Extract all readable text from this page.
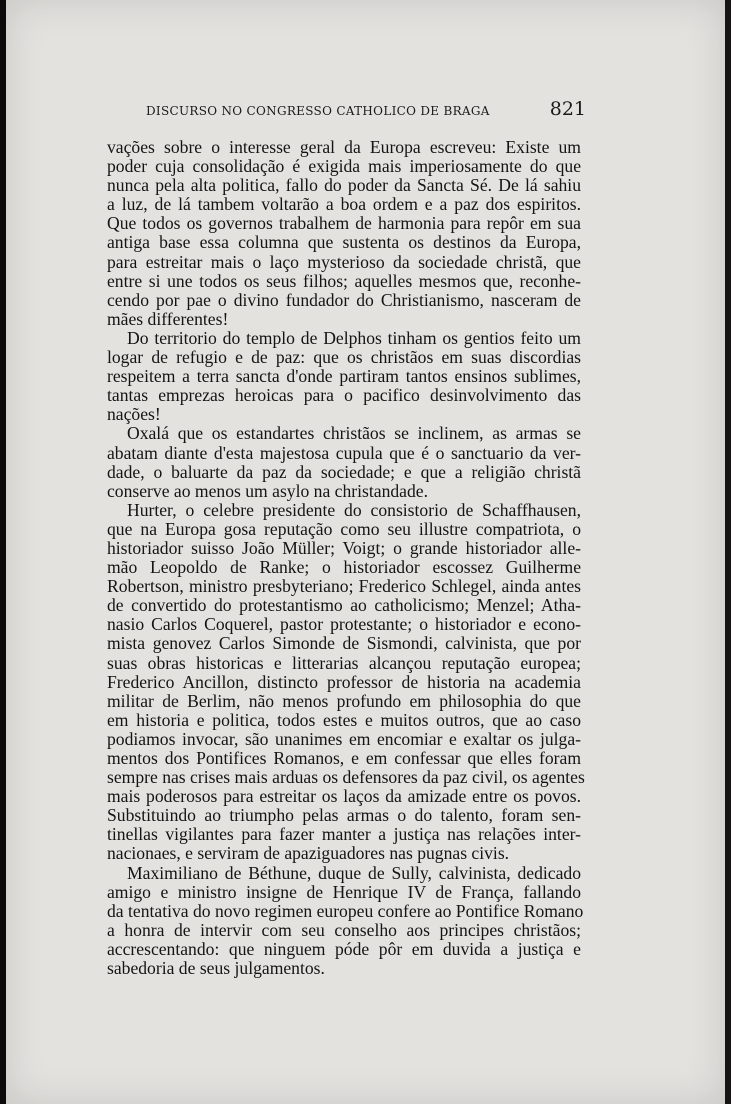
DISCURSO NO CONGRESSO CATHOLICO DE BRAGA	821
vações sobre o interesse geral da Europa escreveu: Existe um
poder cuja consolidação é exigida mais imperiosamente do que
nunca pela alta politica, fallo do poder da Sancta Sé. De lá sahiu
a luz, de lá tambem voltarão a boa ordem e a paz dos espiritos.
Que todos os governos trabalhem de harmonia para repôr em sua
antiga base essa columna que sustenta os destinos da Europa,
para estreitar mais o laço mysterioso da sociedade christã, que
entre si une todos os seus filhos; aquelles mesmos que, reconhe-
cendo por pae o divino fundador do Christianismo, nasceram de
mães differentes!
Do territorio do templo de Delphos tinham os gentios feito um
logar de refugio e de paz: que os christãos em suas discordias
respeitem a terra sancta d'onde partiram tantos ensinos sublimes,
tantas emprezas heroicas para o pacifico desinvolvimento das
nações!
Oxalá que os estandartes christãos se inclinem, as armas se
abatam diante d'esta majestosa cupula que é o sanctuario da ver-
dade, o baluarte da paz da sociedade; e que a religião christã
conserve ao menos um asylo na christandade.
Hurter, o celebre presidente do consistorio de Schaffhausen,
que na Europa gosa reputação como seu illustre compatriota, o
historiador suisso João Müller; Voigt; o grande historiador alle-
mão Leopoldo de Ranke; o historiador escossez Guilherme
Robertson, ministro presbyteriano; Frederico Schlegel, ainda antes
de convertido do protestantismo ao catholicismo; Menzel; Atha-
nasio Carlos Coquerel, pastor protestante; o historiador e econo-
mista genovez Carlos Simonde de Sismondi, calvinista, que por
suas obras historicas e litterarias alcançou reputação europea;
Frederico Ancillon, distincto professor de historia na academia
militar de Berlim, não menos profundo em philosophia do que
em historia e politica, todos estes e muitos outros, que ao caso
podiamos invocar, são unanimes em encomiar e exaltar os julga-
mentos dos Pontifices Romanos, e em confessar que elles foram
sempre nas crises mais arduas os defensores da paz civil, os agentes
mais poderosos para estreitar os laços da amizade entre os povos.
Substituindo ao triumpho pelas armas o do talento, foram sen-
tinellas vigilantes para fazer manter a justiça nas relações inter-
nacionaes, e serviram de apaziguadores nas pugnas civis.
Maximiliano de Béthune, duque de Sully, calvinista, dedicado
amigo e ministro insigne de Henrique IV de França, fallando
da tentativa do novo regimen europeu confere ao Pontifice Romano
a honra de intervir com seu conselho aos principes christãos;
accrescentando: que ninguem póde pôr em duvida a justiça e
sabedoria de seus julgamentos.
